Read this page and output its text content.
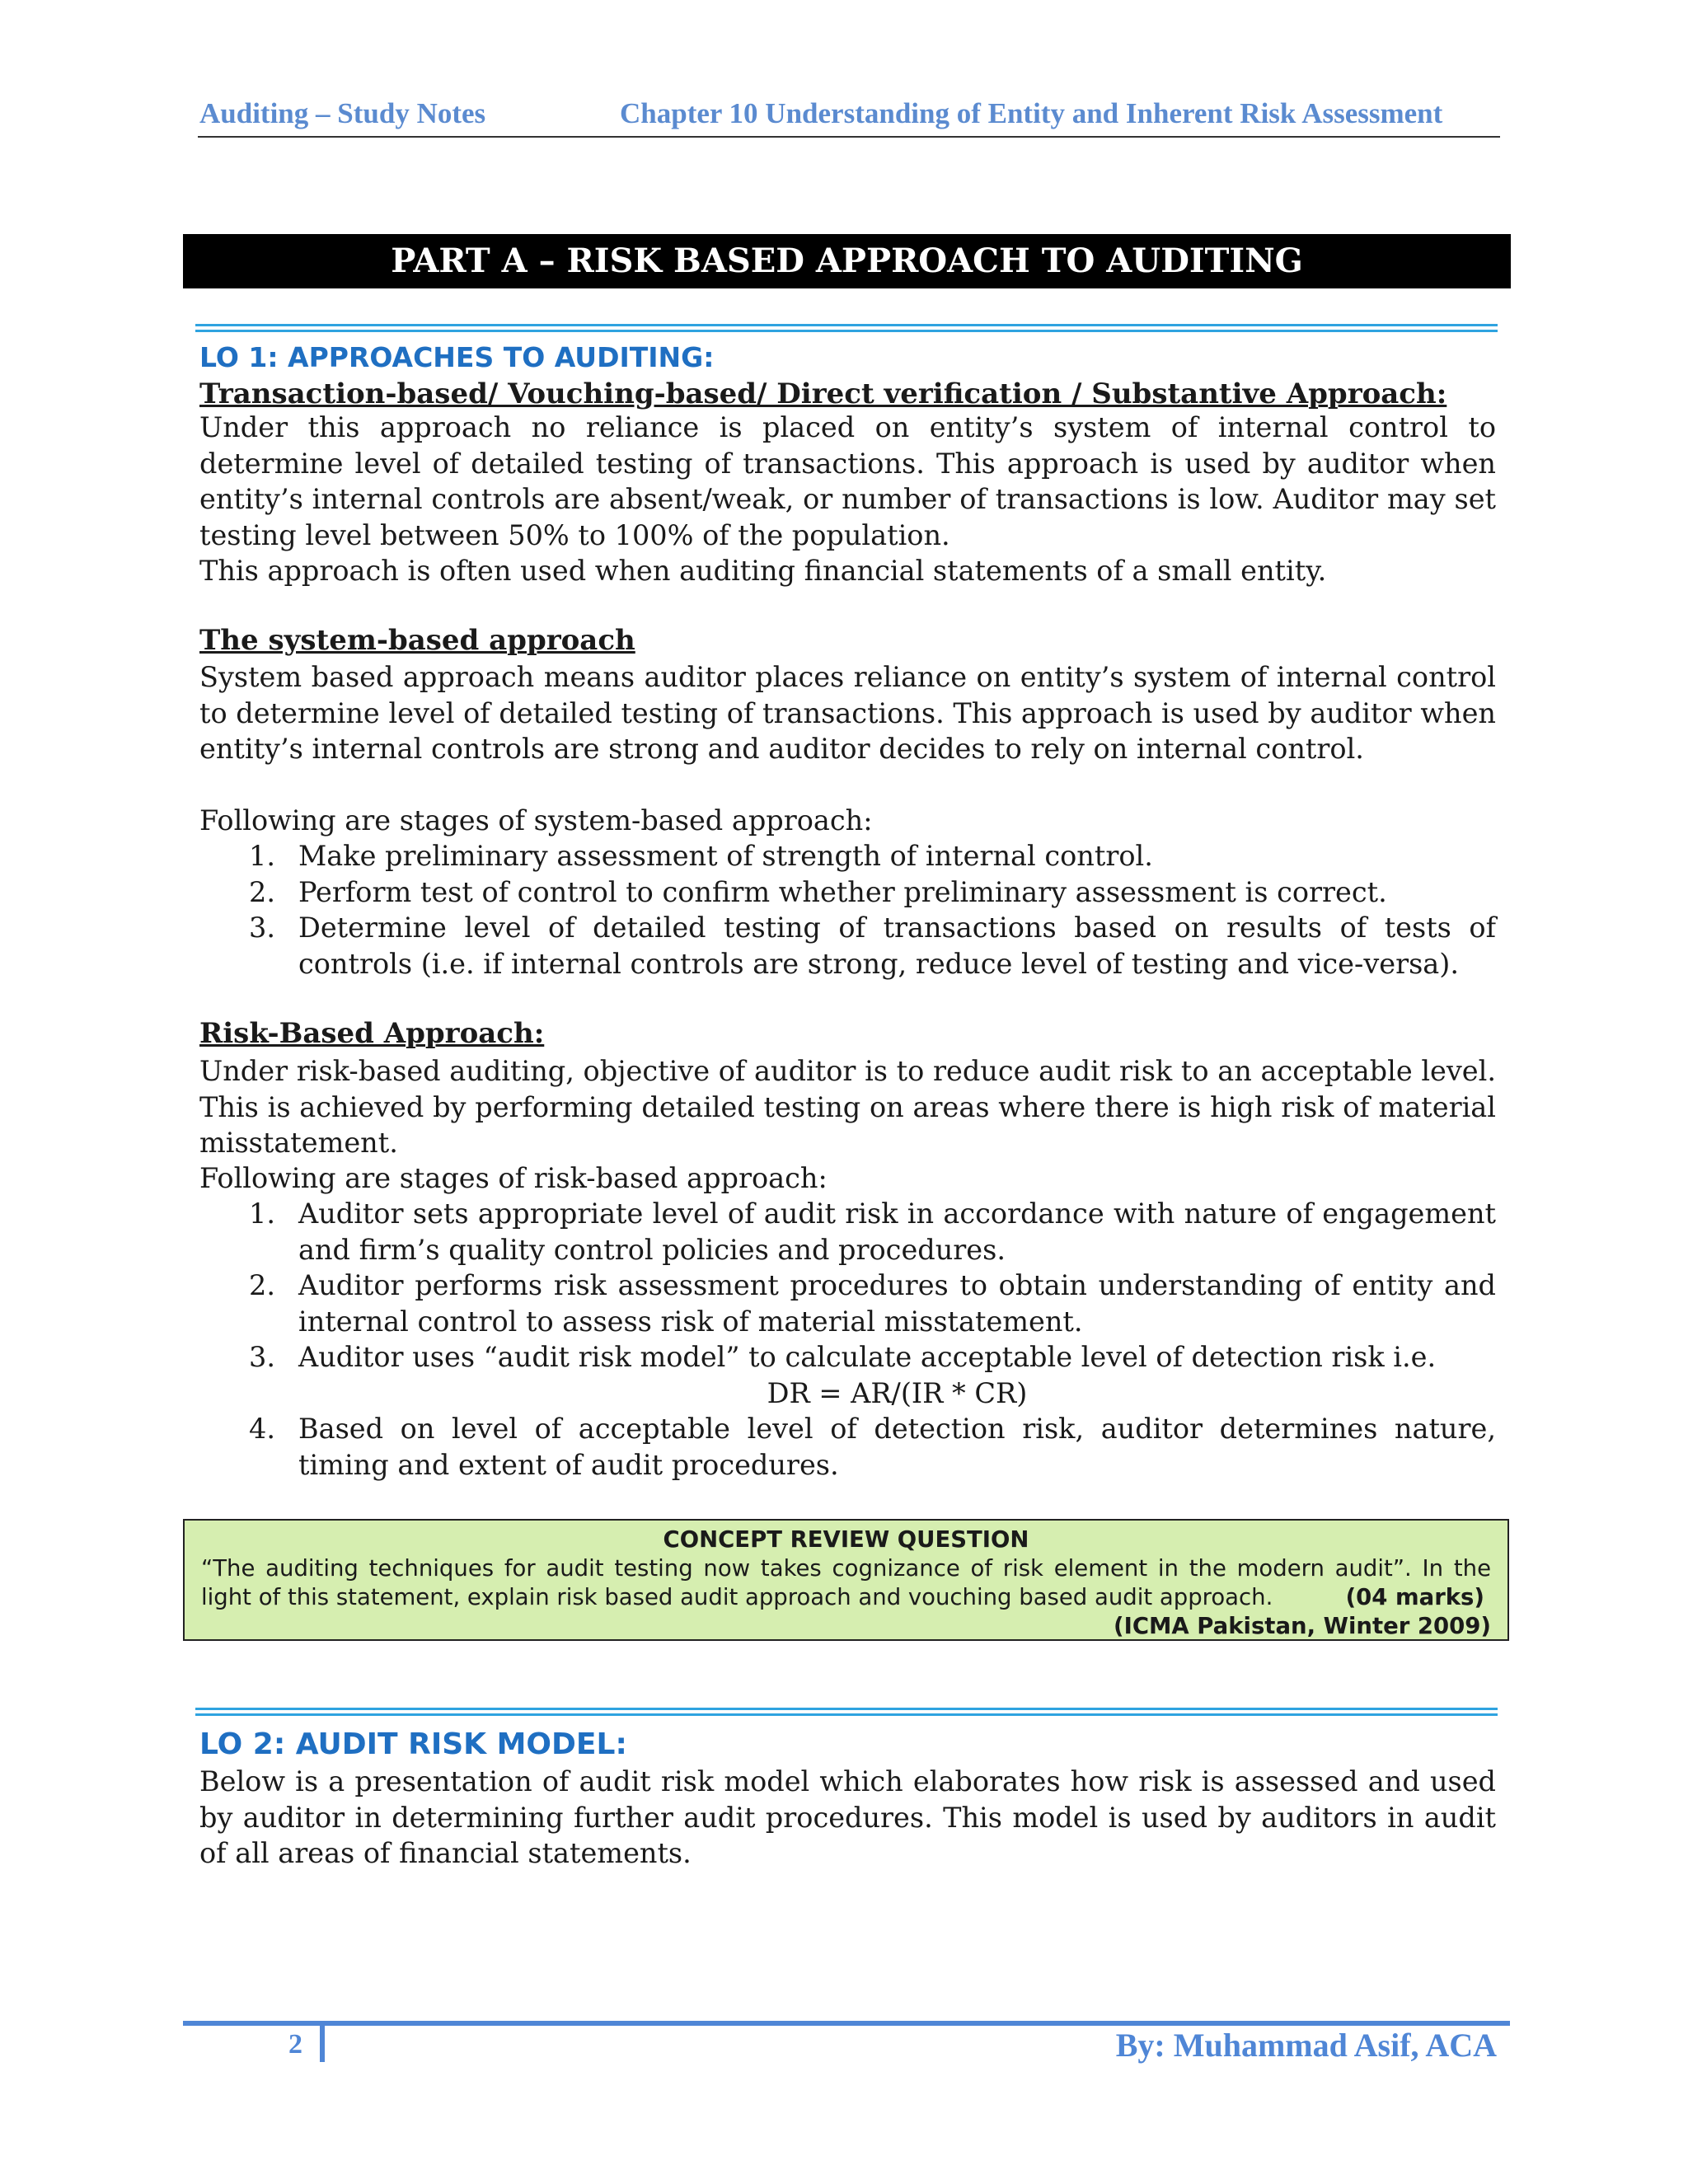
Auditing – Study Notes	Chapter 10 Understanding of Entity and Inherent Risk Assessment
PART A – RISK BASED APPROACH TO AUDITING
LO 1: APPROACHES TO AUDITING:
Transaction-based/ Vouching-based/ Direct verification / Substantive Approach:
Under this approach no reliance is placed on entity’s system of internal control to determine level of detailed testing of transactions. This approach is used by auditor when entity’s internal controls are absent/weak, or number of transactions is low. Auditor may set testing level between 50% to 100% of the population.
This approach is often used when auditing financial statements of a small entity.
The system-based approach
System based approach means auditor places reliance on entity’s system of internal control to determine level of detailed testing of transactions. This approach is used by auditor when entity’s internal controls are strong and auditor decides to rely on internal control.
Following are stages of system-based approach:
1. Make preliminary assessment of strength of internal control.
2. Perform test of control to confirm whether preliminary assessment is correct.
3. Determine level of detailed testing of transactions based on results of tests of controls (i.e. if internal controls are strong, reduce level of testing and vice-versa).
Risk-Based Approach:
Under risk-based auditing, objective of auditor is to reduce audit risk to an acceptable level. This is achieved by performing detailed testing on areas where there is high risk of material misstatement.
Following are stages of risk-based approach:
1. Auditor sets appropriate level of audit risk in accordance with nature of engagement and firm’s quality control policies and procedures.
2. Auditor performs risk assessment procedures to obtain understanding of entity and internal control to assess risk of material misstatement.
3. Auditor uses “audit risk model” to calculate acceptable level of detection risk i.e.
DR = AR/(IR * CR)
4. Based on level of acceptable level of detection risk, auditor determines nature, timing and extent of audit procedures.
CONCEPT REVIEW QUESTION
“The auditing techniques for audit testing now takes cognizance of risk element in the modern audit”. In the light of this statement, explain risk based audit approach and vouching based audit approach.	(04 marks)
(ICMA Pakistan, Winter 2009)
LO 2: AUDIT RISK MODEL:
Below is a presentation of audit risk model which elaborates how risk is assessed and used by auditor in determining further audit procedures. This model is used by auditors in audit of all areas of financial statements.
2	By: Muhammad Asif, ACA
